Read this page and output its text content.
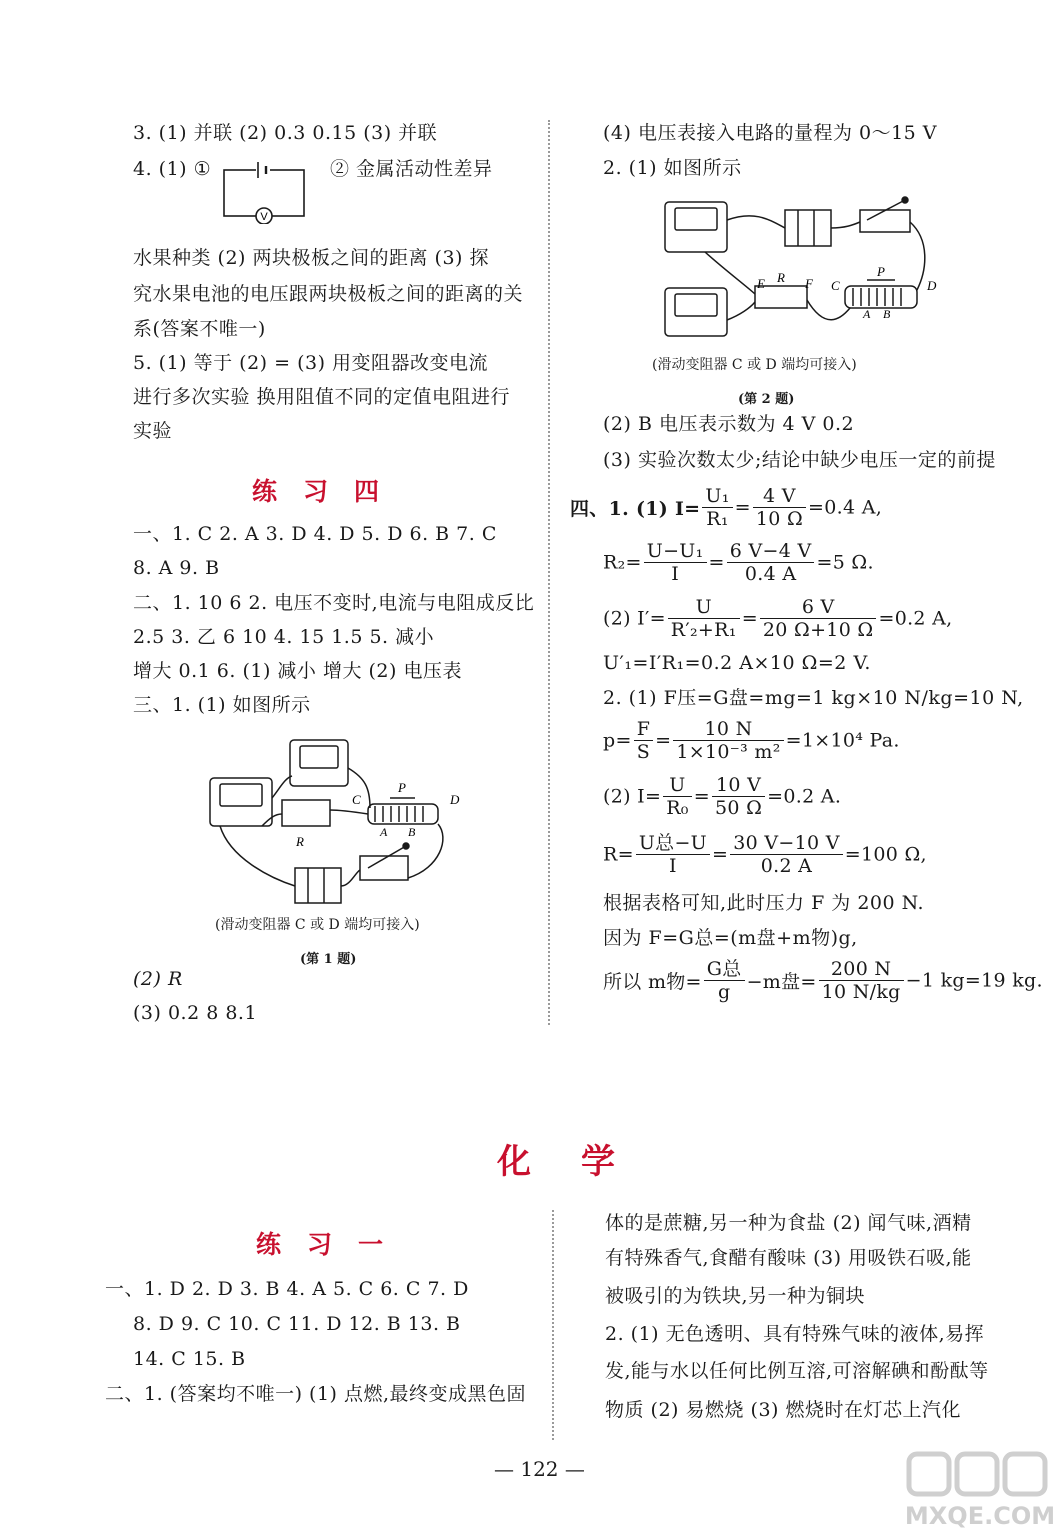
3. (1) 并联 (2) 0.3 0.15 (3) 并联
4. (1) ①
V
② 金属活动性差异
水果种类 (2) 两块极板之间的距离 (3) 探
究水果电池的电压跟两块极板之间的距离的关
系(答案不唯一)
5. (1) 等于 (2) = (3) 用变阻器改变电流
进行多次实验 换用阻值不同的定值电阻进行
实验
练习四
一、1. C 2. A 3. D 4. D 5. D 6. B 7. C
8. A 9. B
二、1. 10 6 2. 电压不变时,电流与电阻成反比
2.5 3. 乙 6 10 4. 15 1.5 5. 减小
增大 0.1 6. (1) 减小 增大 (2) 电压表
三、1. (1) 如图所示
C
P
D
A B
R
(滑动变阻器 C 或 D 端均可接入)
(第 1 题)
(2) R
(3) 0.2 8 8.1
(4) 电压表接入电路的量程为 0～15 V
2. (1) 如图所示
E R F C
P
D
A B
(滑动变阻器 C 或 D 端均可接入)
(第 2 题)
(2) B 电压表示数为 4 V 0.2
(3) 实验次数太少;结论中缺少电压一定的前提
四、1. (1) $I= \frac{\text{U₁}}{\text{R₁}} = \frac{4 V}{10 \Omega} =0.4$ A,
$R_2= \frac{\text{U−U₁}}{I} = \frac{6 V-4 V}{0.4 A} =5$ Ω.
(2) $I'= \frac{U}{\text{R′₂+R₁}} = \frac{6 V}{20 \Omega+10 \Omega} =0.2$ A,
U′₁=I′R₁=0.2 A×10 Ω=2 V.
2. (1) F压=G盘=mg=1 kg×10 N/kg=10 N,
$p= \frac{F}{S} = \frac{10 N}{\text{1×10⁻³ m²}} =1\times 10^4$ Pa.
(2) $I= \frac{U}{\text{R₀}} = \frac{10 V}{50 \Omega} =0.2$ A.
$R= \frac{\text{U总−U}}{I} = \frac{30 V-10 V}{0.2 A} =100$ Ω,
根据表格可知,此时压力 F 为 200 N.
因为 F=G总=(m盘+m物)g,
所以 m物= $\frac{\text{G总}}{g} -m$盘= $\frac{200 N}{10 N/kg} -1$ kg=19 kg.
化学
练习一
一、1. D 2. D 3. B 4. A 5. C 6. C 7. D
8. D 9. C 10. C 11. D 12. B 13. B
14. C 15. B
二、1. (答案均不唯一) (1) 点燃,最终变成黑色固
体的是蔗糖,另一种为食盐 (2) 闻气味,酒精
有特殊香气,食醋有酸味 (3) 用吸铁石吸,能
被吸引的为铁块,另一种为铜块
2. (1) 无色透明、具有特殊气味的液体,易挥
发,能与水以任何比例互溶,可溶解碘和酚酞等
物质 (2) 易燃烧 (3) 燃烧时在灯芯上汽化
— 122 —
MXQE.COM
